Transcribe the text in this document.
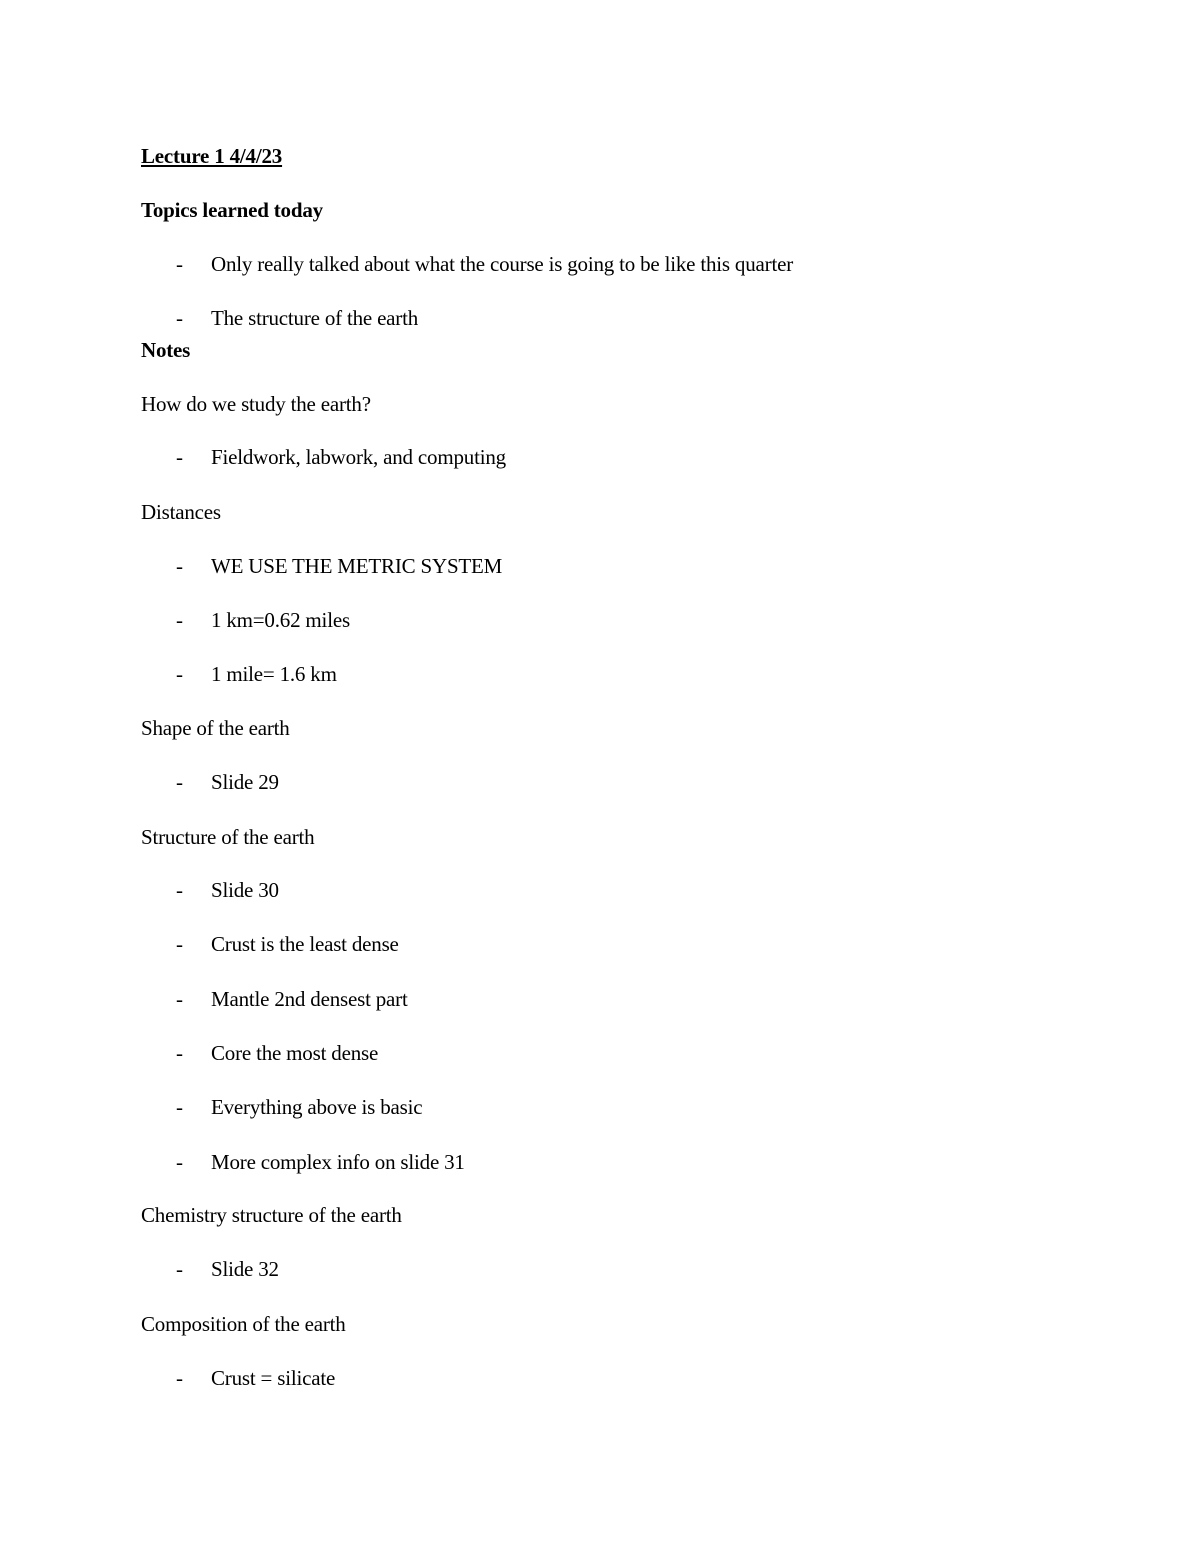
Lecture 1 4/4/23
Topics learned today
- Only really talked about what the course is going to be like this quarter
- The structure of the earth
Notes
How do we study the earth?
- Fieldwork, labwork, and computing
Distances
- WE USE THE METRIC SYSTEM
- 1 km=0.62 miles
- 1 mile= 1.6 km
Shape of the earth
- Slide 29
Structure of the earth
- Slide 30
- Crust is the least dense
- Mantle 2nd densest part
- Core the most dense
- Everything above is basic
- More complex info on slide 31
Chemistry structure of the earth
- Slide 32
Composition of the earth
- Crust = silicate
